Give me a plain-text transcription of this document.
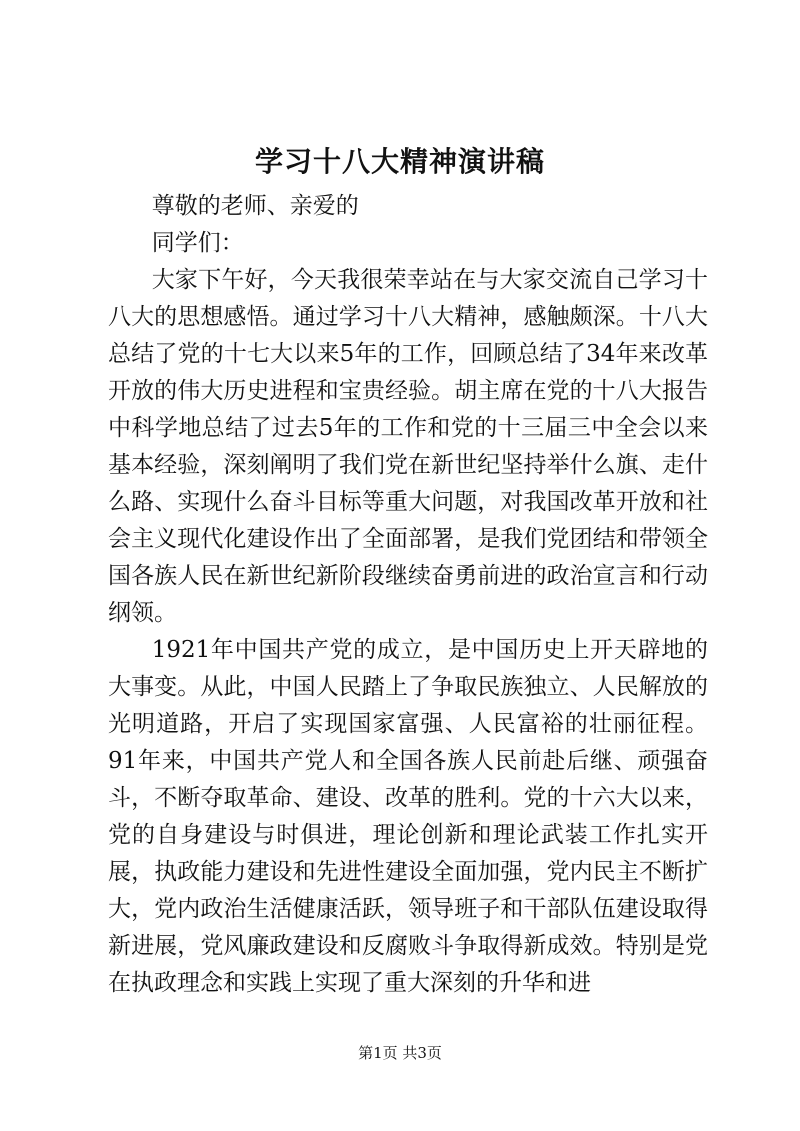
学习十八大精神演讲稿

尊敬的老师、亲爱的

同学们：

大家下午好，今天我很荣幸站在与大家交流自己学习十八大的思想感悟。通过学习十八大精神，感触颇深。十八大总结了党的十七大以来5年的工作，回顾总结了34年来改革开放的伟大历史进程和宝贵经验。胡主席在党的十八大报告中科学地总结了过去5年的工作和党的十三届三中全会以来基本经验，深刻阐明了我们党在新世纪坚持举什么旗、走什么路、实现什么奋斗目标等重大问题，对我国改革开放和社会主义现代化建设作出了全面部署，是我们党团结和带领全国各族人民在新世纪新阶段继续奋勇前进的政治宣言和行动纲领。

1921年中国共产党的成立，是中国历史上开天辟地的大事变。从此，中国人民踏上了争取民族独立、人民解放的光明道路，开启了实现国家富强、人民富裕的壮丽征程。91年来，中国共产党人和全国各族人民前赴后继、顽强奋斗，不断夺取革命、建设、改革的胜利。党的十六大以来，党的自身建设与时俱进，理论创新和理论武装工作扎实开展，执政能力建设和先进性建设全面加强，党内民主不断扩大，党内政治生活健康活跃，领导班子和干部队伍建设取得新进展，党风廉政建设和反腐败斗争取得新成效。特别是党在执政理念和实践上实现了重大深刻的升华和进

第1页 共3页
